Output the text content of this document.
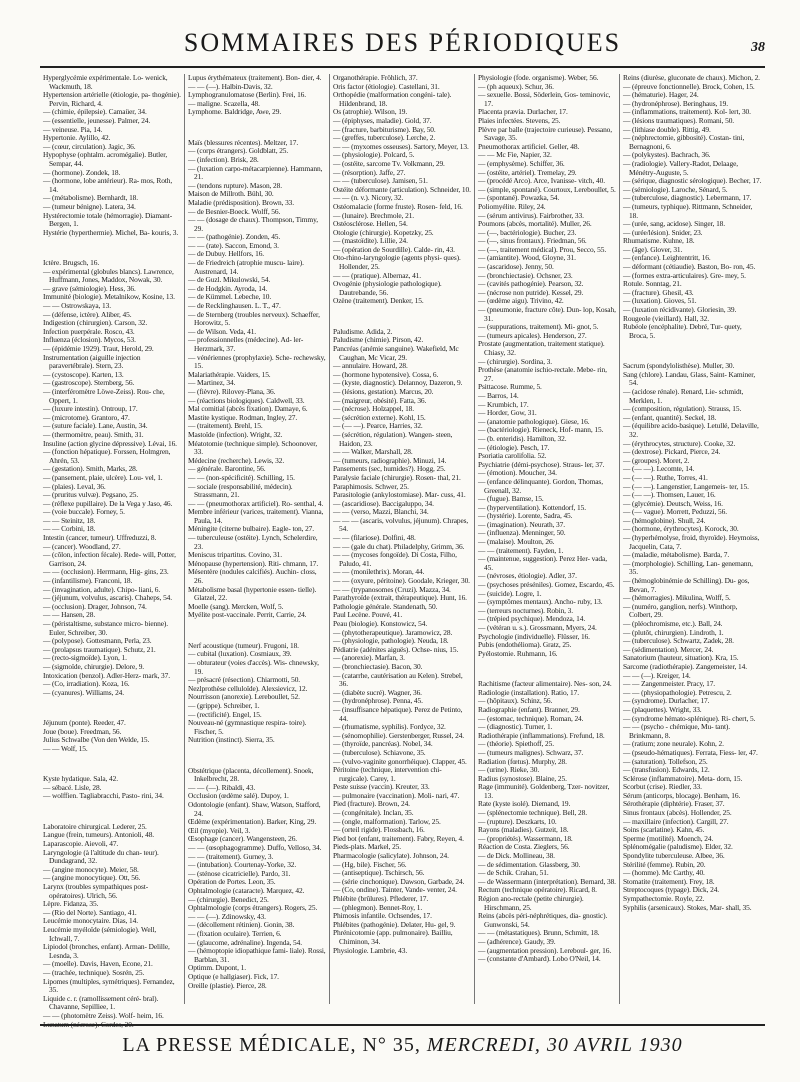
SOMMAIRES DES PÉRIODIQUES	38

Hyperglycémie expérimentale. Lo- wenick, Wackmuth, 18.

Hypertension artérielle (étiologie, pa- thogénie). Pervin, Richard, 4.

— (chimie, épilepsie). Camaüer, 34.

— (essentielle, jeunesse). Palmer, 24.

— veineuse. Pia, 14.

Hypertonie. Aylillo, 42.

— (cœur, circulation). Jagic, 36.

Hypophyse (ophtalm. acromégalie). Butler, Sempar, 44.

— (hormone). Zondek, 18.

— (hormone, lobe antérieur). Ra- mos, Roth, 14.

— (métabolisme). Bernhardt, 18.

— (tumeur bénigne). Latera, 34.

Hystérectomie totale (hémorragie). Diamant-Bergen, 1.

Hystérie (hyperthermie). Michel, Ba- kouris, 3.

Ictère. Brugsch, 16.

— expérimental (globules blancs). Lawrence, Huffmann, Jones, Maddox, Nowak, 30.

— grave (sémiologie). Hess, 36.

Immunité (biologie). Metalnikow, Kosine, 13.

— — Ostrowskaya, 13.

— (défense, ictère). Aliber, 45.

Indigestion (chirurgien). Carson, 32.

Infection puerpérale. Rosco, 43.

Influenza (éclosion). Mycos, 53.

— (épidémie 1929). Traut, Herold, 29.

Instrumentation (aiguille injection paravertébrale). Stern, 23.

— (cystoscope). Karten, 13.

— (gastroscope). Sternberg, 56.

— (interféromètre Löwe-Zeiss). Rou- che, Oppert, 1.

— (luxure intestin). Ontroup, 17.

— (microtome). Grantoro, 47.

— (suture faciale). Lane, Austin, 34.

— (thermomètre, peau). Smith, 31.

Insuline (action glycine dépressive). Lévai, 16.

— (fonction hépatique). Forssen, Holmgren, Ahrén, 53.

— (gestation). Smith, Marks, 28.

— (pansement, plaie, ulcère). Lou- vel, 1.

— (plaies). Leval, 36.

— (pruritus vulvæ). Pegsano, 25.

— (réflexe pupillaire). De la Vega y Jaso, 46.

— (voie buccale). Forney, 5.

— — Steinitz, 18.

— — Corbini, 18.

Intestin (cancer, tumeur). Uffreduzzi, 8.

— (cancer). Woodland, 27.

— (côlon, infection fécale). Rede- will, Potter, Garrison, 24.

— — (occlusion). Herrmann, Hig- gins, 23.

— (infantilisme). Franconi, 18.

— (invagination, adulte). Chipo- liani, 6.

— (jéjunum, volvulus, ascaris). Chaheps, 54.

— (occlusion). Drager, Johnson, 74.

— — Hansen, 28.

— (péristaltisme, substance micro- bienne). Euler, Schreiber, 30.

— (polypose). Gottesmann, Perla, 23.

— (prolapsus traumatique). Schutz, 21.

— (recto-sigmoïde). Lyon, 1.

— (sigmoïde, chirurgie). Delore, 9.

Intoxication (benzol). Adler-Herz- mark, 37.

— (Co, irradiation). Koza, 16.

— (cyanures). Williams, 24.

Jéjunum (ponte). Reeder, 47.

Joue (boue). Freedman, 56.

Julius Schwalbe (Von den Welde, 15.

— — Wolf, 15.

Kyste hydatique. Sala, 42.

— sébacé. Lisle, 28.

— wolffien. Tagliabracchi, Pasto- rini, 34.

Laboratoire chirurgical. Lederer, 25.

Langue (frein, tumeurs). Antonioli, 48.

Laparascopie. Aievoli, 47.

Laryngologie (à l'altitude du chan- teur). Dundagrand, 32.

— (angine monocyte). Meier, 58.

— (angine monocytique). Ott, 56.

Larynx (troubles sympathiques post- opératoires). Ulrich, 56.

Lèpre. Fidanza, 35.

— (Rio del Norte). Santiago, 41.

Leucémie monocytaire. Dias, 14.

Leucémie myéloïde (sémiologie). Well, Ichwall, 7.

Lipiodol (bronches, enfant). Arman- Delille, Lesnda, 3.

— (moelle). Davis, Haven, Econe, 21.

— (trachée, technique). Sosrén, 25.

Lipomes (multiples, symétriques). Fernandez, 35.

Liquide c. r. (ramollissement céré- bral). Chavanne, Sepilliee, 1.

— — (photomètre Zeiss). Wolf- heim, 16.

Lunatum (nécrose). Cordes, 20.

Lupus érythémateux (traitement). Bon- dier, 4.

— — (—). Halbin-Davis, 32.

Lymphogranulomatose (Berlin). Frei, 16.

— maligne. Scazella, 48.

Lymphome. Baldridge, Awe, 29.

Maïs (blessures récentes). Meltzer, 17.

— (corps étrangers). Goldblatt, 25.

— (infection). Brisk, 28.

— (luxation carpo-métacarpienne). Hammann, 21.

— (tendons rupture). Mason, 28.

Maison de Millroth. Bühl, 30.

Maladie (prédisposition). Brown, 33.

— de Besnier-Boeck. Wolff, 56.

— — (dosage de chaux). Thompson, Timmy, 29.

— — (pathogénie). Zonden, 45.

— — (rate). Saccon, Emond, 3.

— de Dubuy. Hellfors, 16.

— de Friedreich (atrophie muscu- laire). Austrenard, 14.

— de Guzl. Mikulowski, 54.

— de Hodgkin. Ayroda, 14.

— de Kümmel. Lebeche, 10.

— de Recklinghausen. L. T., 47.

— de Sternberg (troubles nerveux). Schaeffer, Horowitz, 5.

— de Wilson. Veda, 41.

— professionnelles (médecine). Ad- ler-Herzmark, 37.

— vénériennes (prophylaxie). Sche- rechewsky, 15.

Malariathérapie. Vaiders, 15.

— Martinez, 34.

— (fièvre). Rilovey-Plana, 36.

— (réactions biologiques). Caldwell, 33.

Mal comitial (abcès fixation). Damaye, 6.

Mastite kystique. Rodman, Ingley, 27.

— (traitement). Brehl, 15.

Mastoïde (infection). Wright, 32.

Méatotomie (technique simple). Schoonover, 33.

Médecine (recherche). Lewis, 32.

— générale. Barontine, 56.

— — (non-spécificité). Schilling, 15.

— sociale (responsabilité, médecin). Strassmann, 21.

— — (pneumothorax artificiel). Ro- senthal, 4.

Membre inférieur (varices, traitement). Vianna, Paula, 14.

Méningite (citerne bulbaire). Eagle- ton, 27.

— tuberculeuse (ostéite). Lynch, Schelerdire, 23.

Meniscus tripartitus. Covino, 31.

Ménopause (hypertension). Riti- chmann, 17.

Mésentère (nodules calcifiés). Auchin- closs, 26.

Métabolisme basal (hypertonie essen- tielle). Glatzel, 22.

Moelle (sang). Mercken, Wolf, 5.

Myélite post-vaccinale. Perrit, Carrie, 24.

Nerf acoustique (tumeur). Frugoni, 18.

— cubital (luxation). Cosmiaux, 39.

— obturateur (voies d'accès). Wis- chnewsky, 19.

— présacré (résection). Chiarmotti, 50.

Nezlprothèse celluloïde). Alexsievicz, 12.

Nourrisson (anorexie). Lereboullet, 52.

— (grippe). Schreiber, 1.

— (rectificité). Engel, 15.

Nouveau-né (gymnastique respira- toire). Fischer, 5.

Nutrition (instinct). Sierra, 35.

Obstétrique (placenta, décollement). Snoek, Inkelbrecht, 28.

— — (—). Ribaldi, 43.

Occlusion (œdème salé). Dupoy, 1.

Odontologie (enfant). Shaw, Watson, Stafford, 24.

Œdème (expérimentation). Barker, King, 29.

Œil (myopie). Veil, 3.

Œsophage (cancer). Wangensteen, 26.

— — (œsophagogramme). Duffo, Velloso, 34.

— — (traitement). Gurney, 3.

— (intubation). Courtenay-Yorke, 32.

— (sténose cicatricielle). Pardo, 31.

Opération de Portes. Leon, 35.

Ophtalmologie (cataracte). Marquez, 42.

— (chirurgie). Benedict, 25.

Ophtalmologie (corps étrangers). Rogers, 25.

— — (—). Zdinowsky, 43.

— (décollement rétinien). Gonin, 38.

— (fixation oculaire). Terrien, 6.

— (glaucome, adrénaline). Ingenda, 54.

— (hémoptopie idiopathique fami- liale). Rossi, Barblan, 31.

Optimm. Dupont, 1.

Optique (e hallgiaser). Fick, 17.

Oreille (plastie). Pierce, 28.

Organothérapie. Fröhlich, 37.

Oris factor (étiologie). Castellani, 31.

Orthopédie (malformation congéni- tale). Hildenbrand, 18.

Os (atrophie). Wilson, 19.

— (épiphyses, maladie). Gold, 37.

— (fracture, barbiturisme). Bay, 50.

— (greffes, tuberculose). Lerche, 2.

— — (myxomes osseuses). Sartory, Meyer, 13.

— (physiologie). Polcard, 5.

— (ostéite, sarcome Tv. Volkmann, 29.

— (résorption). Jaffe, 27.

— — (tuberculose). Jamisen, 51.

Ostéite déformante (articulation). Schneider, 10.

— — (n. v.). Nicory, 32.

Ostéomalacie (forme fruste). Rosen- feld, 16.

— (lunaire). Brechmole, 21.

Ostéosclérose. Hellen, 54.

Otologie (chirurgie). Kopetzky, 25.

— (mastoïdite). Lillie, 24.

— (opération de Sourdille). Calde- rin, 43.

Oto-rhino-laryngologie (agents physi- ques). Hollender, 25.

— — (pratique). Albernaz, 41.

Ovogénie (physiologie pathologique). Dautrebande, 56.

Ozène (traitement). Denker, 15.

Paludisme. Adida, 2.

Paludisme (chimie). Pirson, 42.

Pancréas (anémie sanguine). Wakefield, Mc Caughan, Mc Vicar, 29.

— annulaire. Howard, 28.

— (hormone hypotensive). Cossa, 6.

— (kyste, diagnostic). Delannoy, Dazeron, 9.

— (lésions, gestation). Marcus, 20.

— (maigreur, obésité). Fatta, 36.

— (nécrose). Holzappel, 18.

— (sécrétion externe). Kohl, 15.

— (— —). Pearce, Harries, 32.

— (sécrétion, régulation). Wangen- steen, Haidon, 23.

— — Walker, Marshall, 28.

— (tumeurs, radiographie). Minuzi, 14.

Pansements (sec, humides?). Hogg, 25.

Paralysie faciale (chirurgie). Rosen- thal, 21.

Paraphimosis. Schwer, 25.

Parasitologie (ankylostomiase). Mar- cuss, 41.

— (ascaridiose). Baccigaluppo, 34.

— — (verso, Mazzi, Blanchi, 34.

— — — (ascaris, volvulus, jéjunum). Chrapes, 54.

— — (filariose). Dolfini, 48.

— — (gale du chat). Philadelphy, Grimm, 36.

— — (mycoses fongoïde). Di Costa, Filho, Paludo, 41.

— — (monilethrix). Moran, 44.

— — (oxyure, péritoine). Goodale, Krieger, 30.

— — (trypanosomes (Cruzi). Mazza, 34.

Parathyroïde (extrait, thérapeutique). Hunt, 16.

Pathologie générale. Standenath, 50.

Paul Lecène. Pouvé, 41.

Peau (biologie). Konstowicz, 54.

— (phytotherapeutique). Jaramowicz, 28.

— (physiologie, pathologie). Neuda, 18.

Pédiatrie (adénites aiguës). Ochse- nius, 15.

— (anorexie). Marfan, 3.

— (bronchiectasie). Bacon, 30.

— (catarrhe, cautérisation au Kelen). Strebel, 36.

— (diabète sucré). Wagner, 36.

— (hydronéphrose). Penna, 45.

— (insuffisance hépatique). Perez de Petinto, 44.

— (rhumatisme, syphilis). Fordyce, 32.

— (sénomophilie). Gerstenberger, Russel, 24.

— (thyroïde, pancréas). Nobel, 34.

— (tuberculose). Schiavone, 35.

— (vulvo-vaginite gonorrhéique). Clapper, 45.

Péritoine (technique, intervention chi- rurgicale). Carey, 1.

Peste suisse (vaccin). Kreuter, 33.

— pulmonaire (vaccination). Moli- nari, 47.

Pied (fracture). Brown, 24.

— (congénitale). Inclan, 35.

— (ongle, malformation). Tarlow, 25.

— (orteil rigide). Flossbach, 16.

Pied bot (enfant, traitement). Fabry, Reyen, 4.

Pieds-plats. Markel, 25.

Pharmacologie (salicylate). Johnson, 24.

— (Hg, bile). Fischer, 56.

— (antiseptique). Tschirsch, 56.

— (série cinchonique). Dawson, Garbade, 24.

— (Co, ondine). Tainter, Vande- venter, 24.

Phlébite (brûlures). Pflederer, 17.

— (phlegmon). Bennet-Roy, 1.

Phimosis infantile. Ochsendes, 17.

Phlébites (pathogénie). Delater, Hu- gel, 9.

Phrénicotomie (app. pulmonaire). Bailliu, Chiminon, 34.

Physiologie. Lambrie, 43.

Physiologie (fode. organisme). Weber, 56.

— (ph aqueux). Schur, 36.

— sexuelle. Bossi, Söderlein, Gos- teminovic, 17.

Placenta prævia. Durlacher, 17.

Plaies infectées. Stevens, 25.

Plèvre par balle (trajectoire curieuse). Pessano, Savage, 35.

Pneumothorax artificiel. Geller, 48.

— — Mc Fie, Napier, 32.

— (emphysème). Schiffer, 36.

— (ostéite, artériel). Tremelay, 29.

— (procédé Arco). Arce, Ivanisse- vitch, 40.

— (simple, spontané). Courtoux, Lereboullet, 5.

— (spontané). Powazka, 54.

Poliomyélite. Riley, 24.

— (sérum antivirus). Fairbrother, 33.

Poumons (abcès, mortalité). Muller, 26.

— (—, bactériologie). Bucher, 23.

— (—, sinus frontaux). Friedman, 56.

— (—, traitement médical). Prou, Secco, 55.

— (amiantite). Wood, Gloyne, 31.

— (ascaridose). Jenny, 50.

— (bronchiectasie). Ochsner, 23.

— (cavités pathogénie). Pearson, 32.

— (nécrose non putride). Kessel, 29.

— (œdème aigu). Trivino, 42.

— (pneumonie, fracture côte). Dun- lop, Kosah, 31.

— (suppurations, traitement). Mi- gnot, 5.

— (tumeurs apicales). Henderson, 27.

Prostate (augmentation, traitement statique). Chiasy, 32.

— (chirurgie). Sordina, 3.

Prothèse (anatomie ischio-rectale. Mebe- rin, 27.

Psittacose. Rumme, 5.

— Barros, 14.

— Krumbich, 17.

— Horder, Gow, 31.

— (anatomie pathologique). Giese, 16.

— (bactériologie). Rieneck, Hof- mann, 15.

— (b. enteridis). Hamilton, 32.

— (étiologie). Pesch, 17.

Psoriatia carolifolia. 52.

Psychiatrie (démi-psychose). Straus- ler, 37.

— (émotion). Moucher, 34.

— (enfance délinquante). Gordon, Thomas, Greenall, 32.

— (fugue). Bamse, 15.

— (hyperventilation). Kottendorf, 15.

— (hystérie). Lorente, Sadra, 45.

— (imagination). Neurath, 37.

— (influenza). Menninger, 50.

— (malaise). Moulton, 26.

— — (traitement). Fayden, 1.

— (maintenue, suggestion). Perez Her- vada, 45.

— (névroses, étiologie). Adler, 37.

— (psychoses préséniles). Gomez, Escardo, 45.

— (suicide). Logre, 1.

— (symptômes mentaux). Ancho- ruby, 13.

— (terreurs nocturnes). Robin, 3.

— (trépied psychique). Mendoza, 14.

— (vétéran u. s.). Grossmann, Myers, 24.

Psychologie (individuelle). Flüsser, 16.

Pubis (endothélioma). Gratz, 25.

Pyélostomie. Ruhmann, 16.

Rachitisme (facteur alimentaire). Nes- son, 24.

Radiologie (installation). Ratio, 17.

— (hôpitaux). Schinz, 56.

Radiographie (enfant). Branner, 29.

— (estomac, technique). Roman, 24.

— (diagnostic). Turner, 1.

Radiothérapie (inflammations). Frefund, 18.

— (théorie). Spiethoff, 25.

— (tumeurs malignes). Schwarz, 37.

Radiation (fœtus). Murphy, 28.

— (urine). Rieke, 30.

Radius (synostose). Blaine, 25.

Rage (immunité). Goldenberg, Tzer- novitzer, 13.

Rate (kyste isolé). Diemand, 19.

— (splénectomie technique). Bell, 28.

— (rupture). Deszkarts, 10.

Rayons (maladies). Gutzeit, 18.

— (propriétés). Wassermann, 18.

Réaction de Costa. Zieglers, 56.

— de Dick. Mollineau, 38.

— de sédimentation. Glassberg, 30.

— de Schik. Crahan, 51.

— de Wassermann (interprétation). Bernard, 38.

Rectum (technique opératoire). Ricard, 8.

Région ano-rectale (petite chirurgie). Hirschmann, 25.

Reins (abcès péri-néphrétiques, dia- gnostic). Gunwonski, 54.

— — (métastatiques). Brunn, Schmitt, 18.

— (adhérence). Gaudy, 39.

— (augmentation pression). Lereboul- ger, 16.

— (constante d'Ambard). Lobo O'Neil, 14.

Reins (diurèse, gluconate de chaux). Michon, 2.

— (épreuve fonctionnelle). Brock, Cohen, 15.

— (hématurie). Hager, 24.

— (hydronéphrose). Beringhaus, 19.

— (inflammations, traitement). Kol- lert, 30.

— (lésions traumatiques). Romani, 50.

— (lithiase double). Rittig, 49.

— (néphrectomie, gibbosité). Costan- tini, Bernagnoni, 6.

— (polykystes). Bachrach, 36.

— (radiologie). Vallery-Radot, Delaage, Ménétry-Auguste, 5.

— (sérique, diagnostic sérologique). Becher, 17.

— (sémiologie). Laroche, Sénard, 5.

— (tuberculose, diagnostic). Lebermann, 17.

— (tumeurs, typhique). Rittmann, Schneider, 18.

— (urée, sang, acidose). Singer, 18.

— (urée/lésion). Snider, 23.

Rhumatisme. Kuhne, 18.

— (âge). Glover, 31.

— (enfance). Leightentritt, 16.

— déformant (cétiaudie). Baston, Bo- ron, 45.

— (formes extra-articulaires). Gre- mey, 5.

Rotule. Sonntag, 21.

— (fracture). Ghesil, 43.

— (luxation). Gioves, 51.

— (luxation récidivante). Gloriesin, 39.

Rougeole (vieillard). Hall, 32.

Rubéole (encéphalite). Debré, Tur- quety, Broca, 5.

Sacrum (spondylolisthèse). Muller, 30.

Sang (chlore). Landau, Glass, Saint- Kaminer, 54.

— (acidose rénale). Renard, Lie- schmidt, Merklen, 1.

— (composition, régulation). Strauss, 15.

— (enfant, quantité). Seckel, 18.

— (équilibre acido-basique). Letullé, Delaville, 32.

— (érythrocytes, structure). Cooke, 32.

— (dextrose). Pickard, Pierce, 24.

— (groupes). Moret, 2.

— (— —). Lecomte, 14.

— (— —). Ruthe, Torres, 41.

— (— —). Langenstier, Langemeis- ter, 15.

— (— —). Thomsen, Lauer, 16.

— (glycémie). Deutsch, Weiss, 16.

— (— vague). Morrett, Peduzzi, 56.

— (hémoglobine). Shull, 24.

— (hormone, érythrocytes). Korock, 30.

— (hyperhémolyse, froid, thyroïde). Heymoiss, Jacquelin, Cata, 7.

— (maladie, métabolisme). Barda, 7.

— (morphologie). Schilling, Lan- genemann, 35.

— (hémoglobinémie de Schilling). Du- gos, Bevan, 7.

— (hémorragies). Mikulina, Wolff, 5.

— (numéro, ganglion, nerfs). Winthorp, Colbert, 29.

— (pléochromisme, etc.). Ball, 24.

— (plutôt, chirurgien). Lindroth, 1.

— (tuberculose). Schwartz, Zadek, 28.

— (sédimentation). Mercer, 24.

Sanatorium (hauteur, situation). Kra, 15.

Sarcome (radiothérapie). Zangemeister, 14.

— — (—). Kreiger, 14.

— — Zangenmeister. Pracy, 17.

— — (physiopathologie). Petrescu, 2.

— (syndrome). Durlacher, 17.

— (plaquettes). Wright, 33.

— (syndrome hémato-splénique). Ri- chert, 5.

— — (psycho - chémique, Mu- tant). Brinkmann, 8.

— (ratium; zone neurale). Kohn, 2.

— (pseudo-hématiques). Ferrata, Fiess- ler, 47.

— (saturation). Tollefson, 25.

— (transfusion). Edwards, 12.

Sclérose (inflammatoire). Meta- dorn, 15.

Scorbut (crise). Riedler, 33.

Sérum (anticorps, blocage). Benham, 16.

Sérothérapie (diphtérie). Fraser, 37.

Sinus frontaux (abcès). Hollender, 25.

— maxillaire (infection). Cargill, 27.

Soins (scarlatine). Kahn, 45.

Sperme (motilité). Moench, 24.

Splénomégalie (paludisme). Elder, 32.

Spondylite tuberculeuse. Albee, 36.

Stérilité (femme). Rubin, 20.

— (homme). Mc Carthy, 40.

Stomatite (traitement). Frey, 18.

Streptocoques (typage). Dick, 24.

Sympathectomie. Royle, 22.

Syphilis (arsenicaux). Stokes, Mar- shall, 35.

LA PRESSE MÉDICALE, N° 35, MERCREDI, 30 AVRIL 1930
